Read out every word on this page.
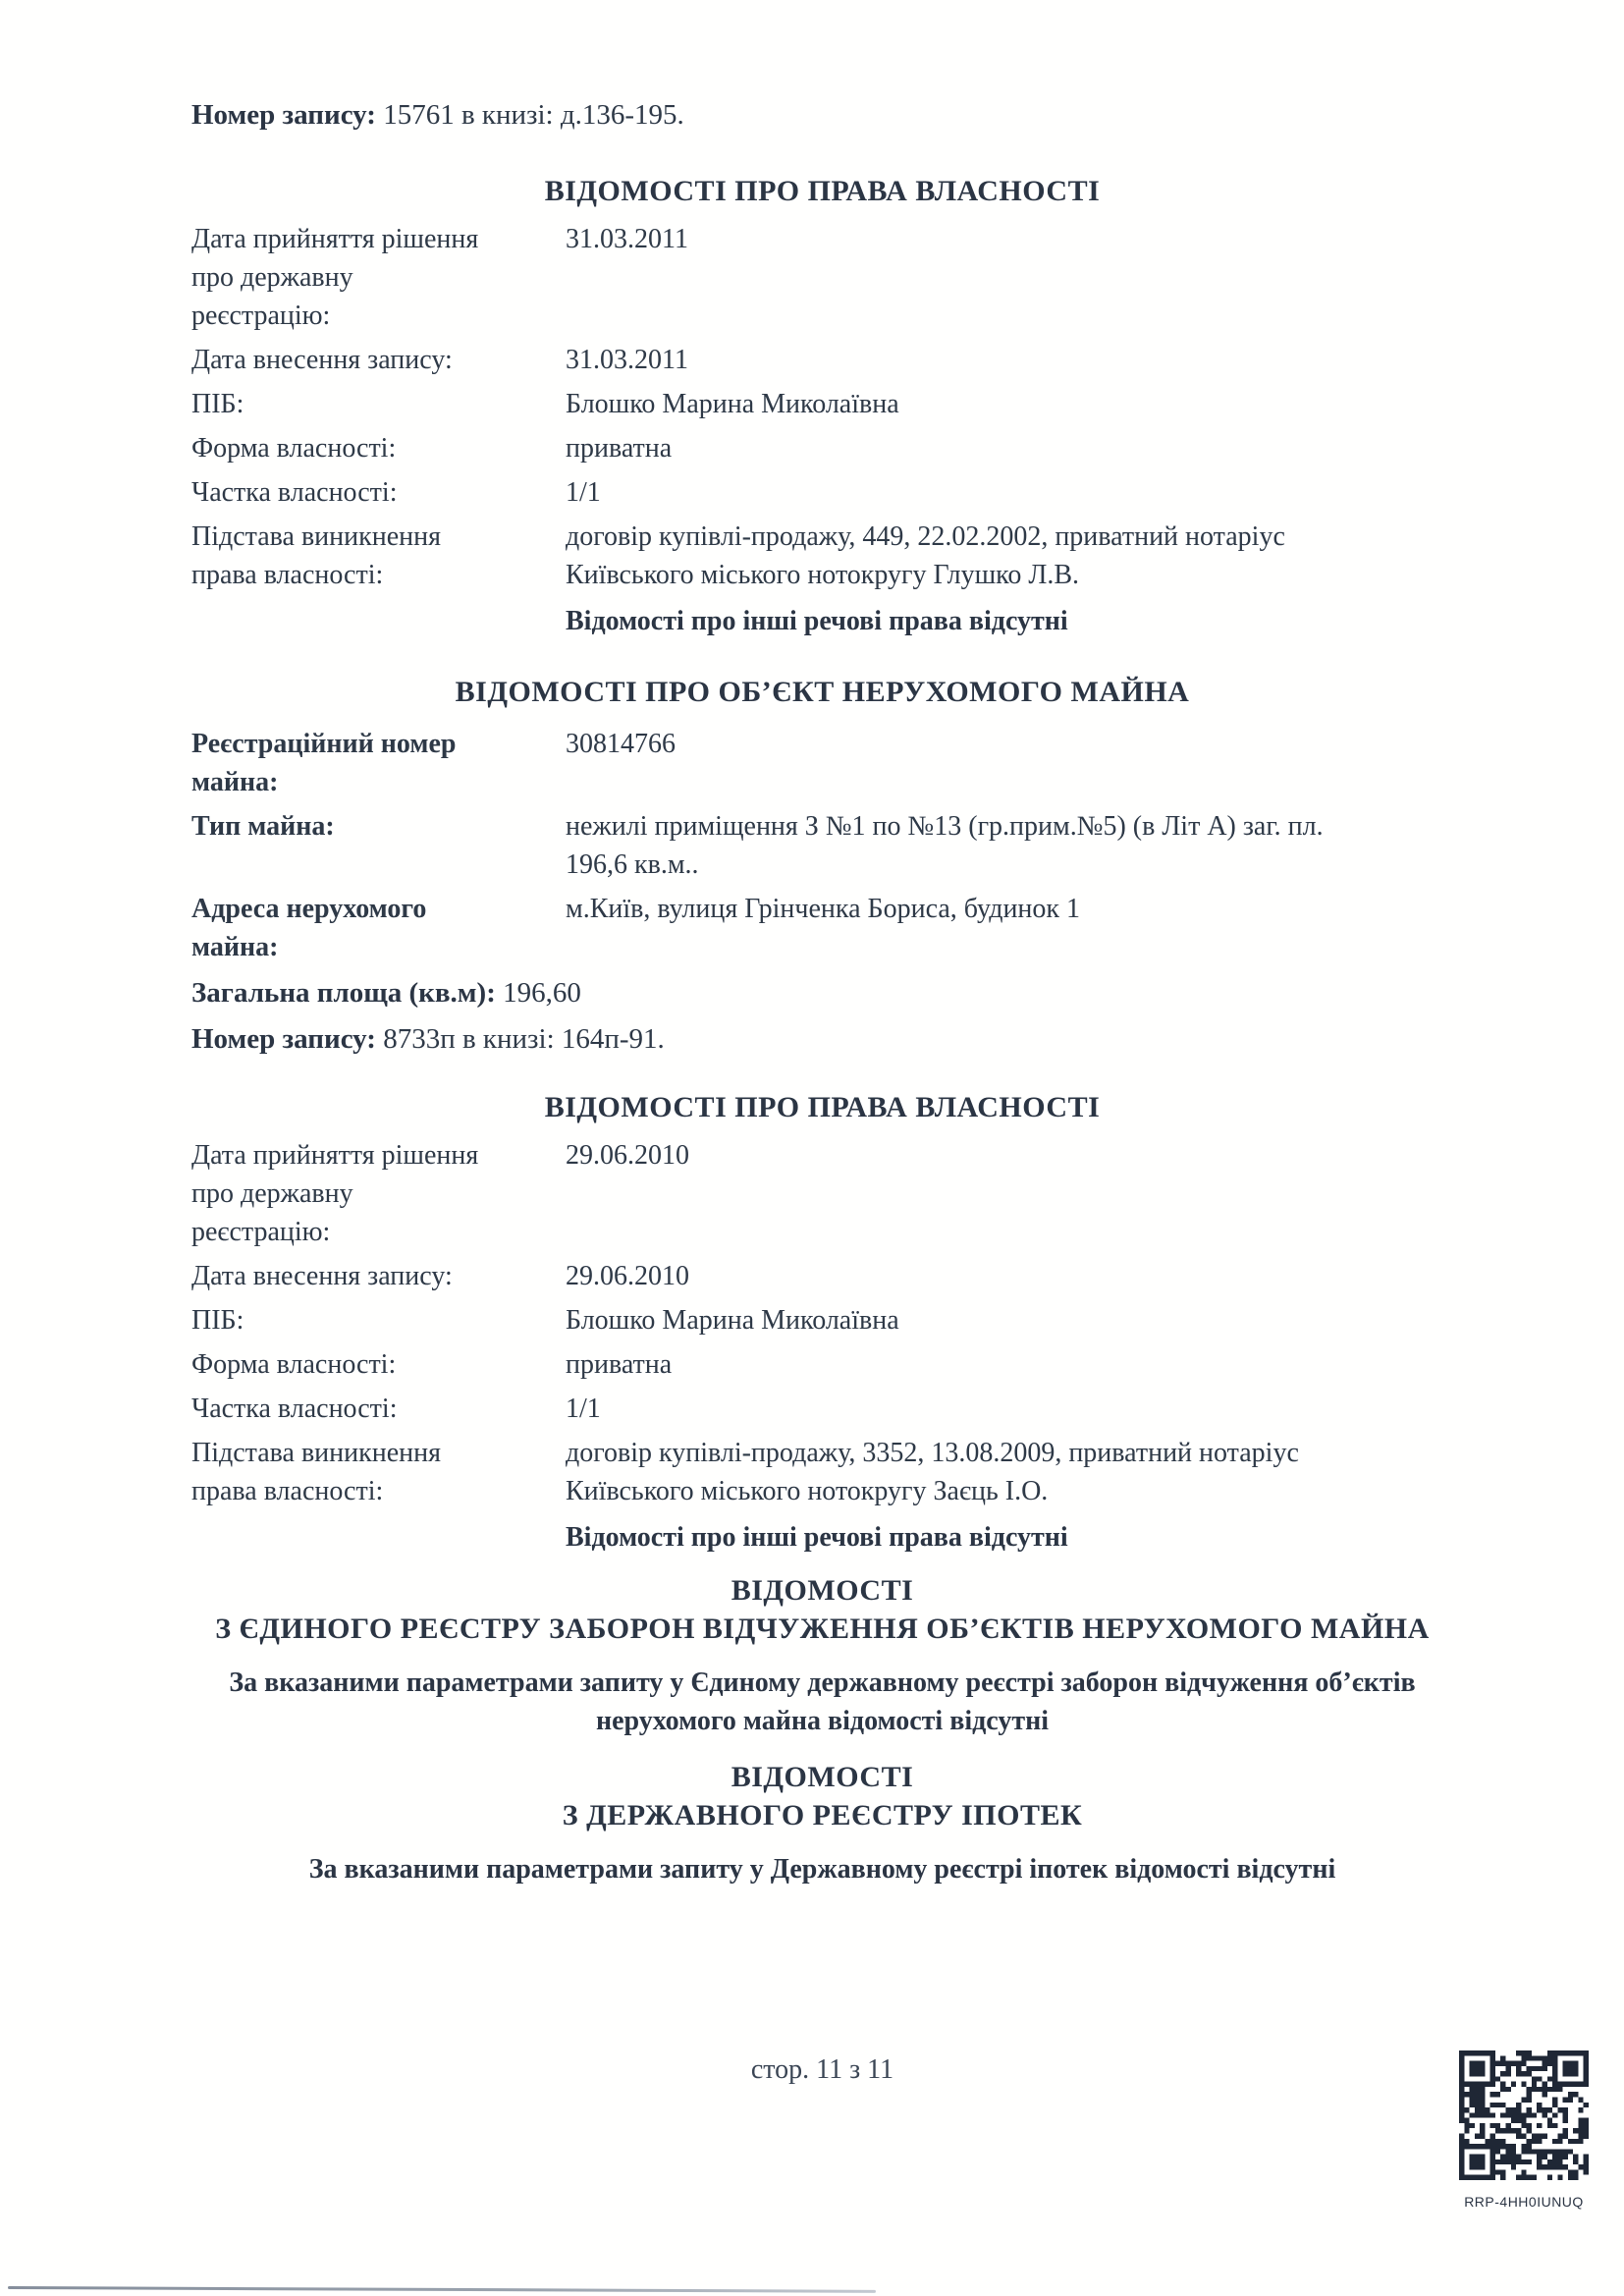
Номер запису: 15761 в книзі: д.136-195.
ВІДОМОСТІ ПРО ПРАВА ВЛАСНОСТІ
Дата прийняття рішення про державну реєстрацію:
31.03.2011
Дата внесення запису:	31.03.2011
ПІБ:	Блошко Марина Миколаївна
Форма власності:	приватна
Частка власності:	1/1
Підстава виникнення права власності:
договір купівлі-продажу, 449, 22.02.2002, приватний нотаріус Київського міського нотокругу Глушко Л.В.
Відомості про інші речові права відсутні
ВІДОМОСТІ ПРО ОБ’ЄКТ НЕРУХОМОГО МАЙНА
Реєстраційний номер майна:
30814766
Тип майна:	нежилі приміщення З №1 по №13 (гр.прим.№5) (в Літ А) заг. пл. 196,6 кв.м..
Адреса нерухомого майна:
м.Київ, вулиця Грінченка Бориса, будинок 1
Загальна площа (кв.м): 196,60
Номер запису: 8733п в книзі: 164п-91.
ВІДОМОСТІ ПРО ПРАВА ВЛАСНОСТІ
Дата прийняття рішення про державну реєстрацію:
29.06.2010
Дата внесення запису:	29.06.2010
ПІБ:	Блошко Марина Миколаївна
Форма власності:	приватна
Частка власності:	1/1
Підстава виникнення права власності:
договір купівлі-продажу, 3352, 13.08.2009, приватний нотаріус Київського міського нотокругу Заєць І.О.
Відомості про інші речові права відсутні
ВІДОМОСТІ
З ЄДИНОГО РЕЄСТРУ ЗАБОРОН ВІДЧУЖЕННЯ ОБ’ЄКТІВ НЕРУХОМОГО МАЙНА
За вказаними параметрами запиту у Єдиному державному реєстрі заборон відчуження об’єктів нерухомого майна відомості відсутні
ВІДОМОСТІ
З ДЕРЖАВНОГО РЕЄСТРУ ІПОТЕК
За вказаними параметрами запиту у Державному реєстрі іпотек відомості відсутні
стор. 11 з 11
RRP-4HH0IUNUQ
